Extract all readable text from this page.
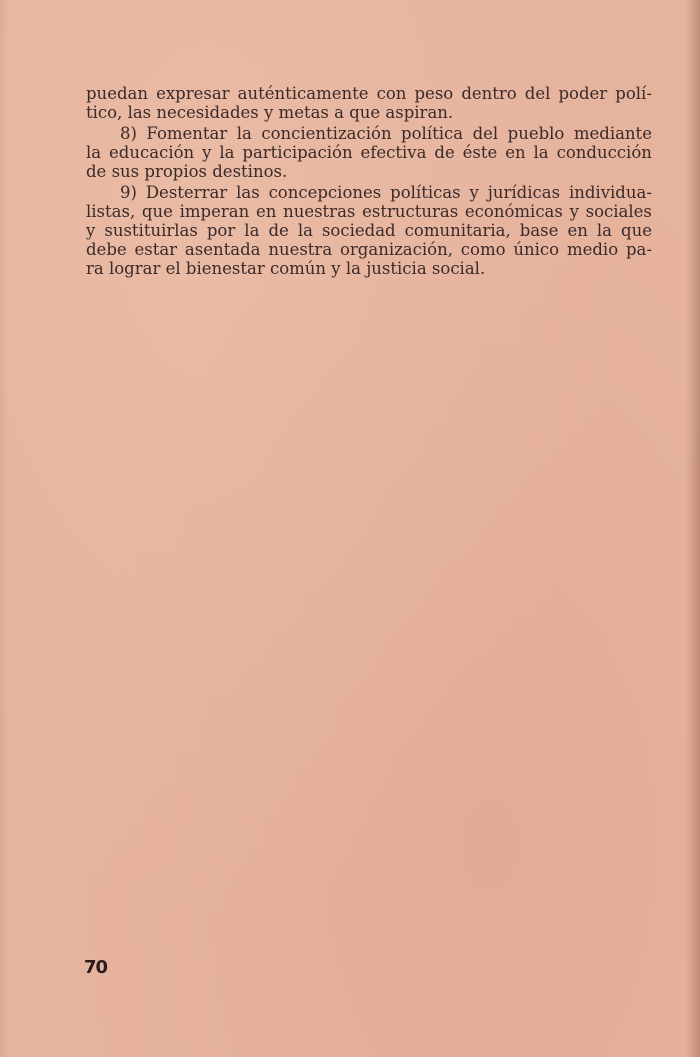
puedan expresar auténticamente con peso dentro del poder polí-
tico, las necesidades y metas a que aspiran.
8) Fomentar la concientización política del pueblo mediante
la educación y la participación efectiva de éste en la conducción
de sus propios destinos.
9) Desterrar las concepciones políticas y jurídicas individua-
listas, que imperan en nuestras estructuras económicas y sociales
y sustituirlas por la de la sociedad comunitaria, base en la que
debe estar asentada nuestra organización, como único medio pa-
ra lograr el bienestar común y la justicia social.
70
